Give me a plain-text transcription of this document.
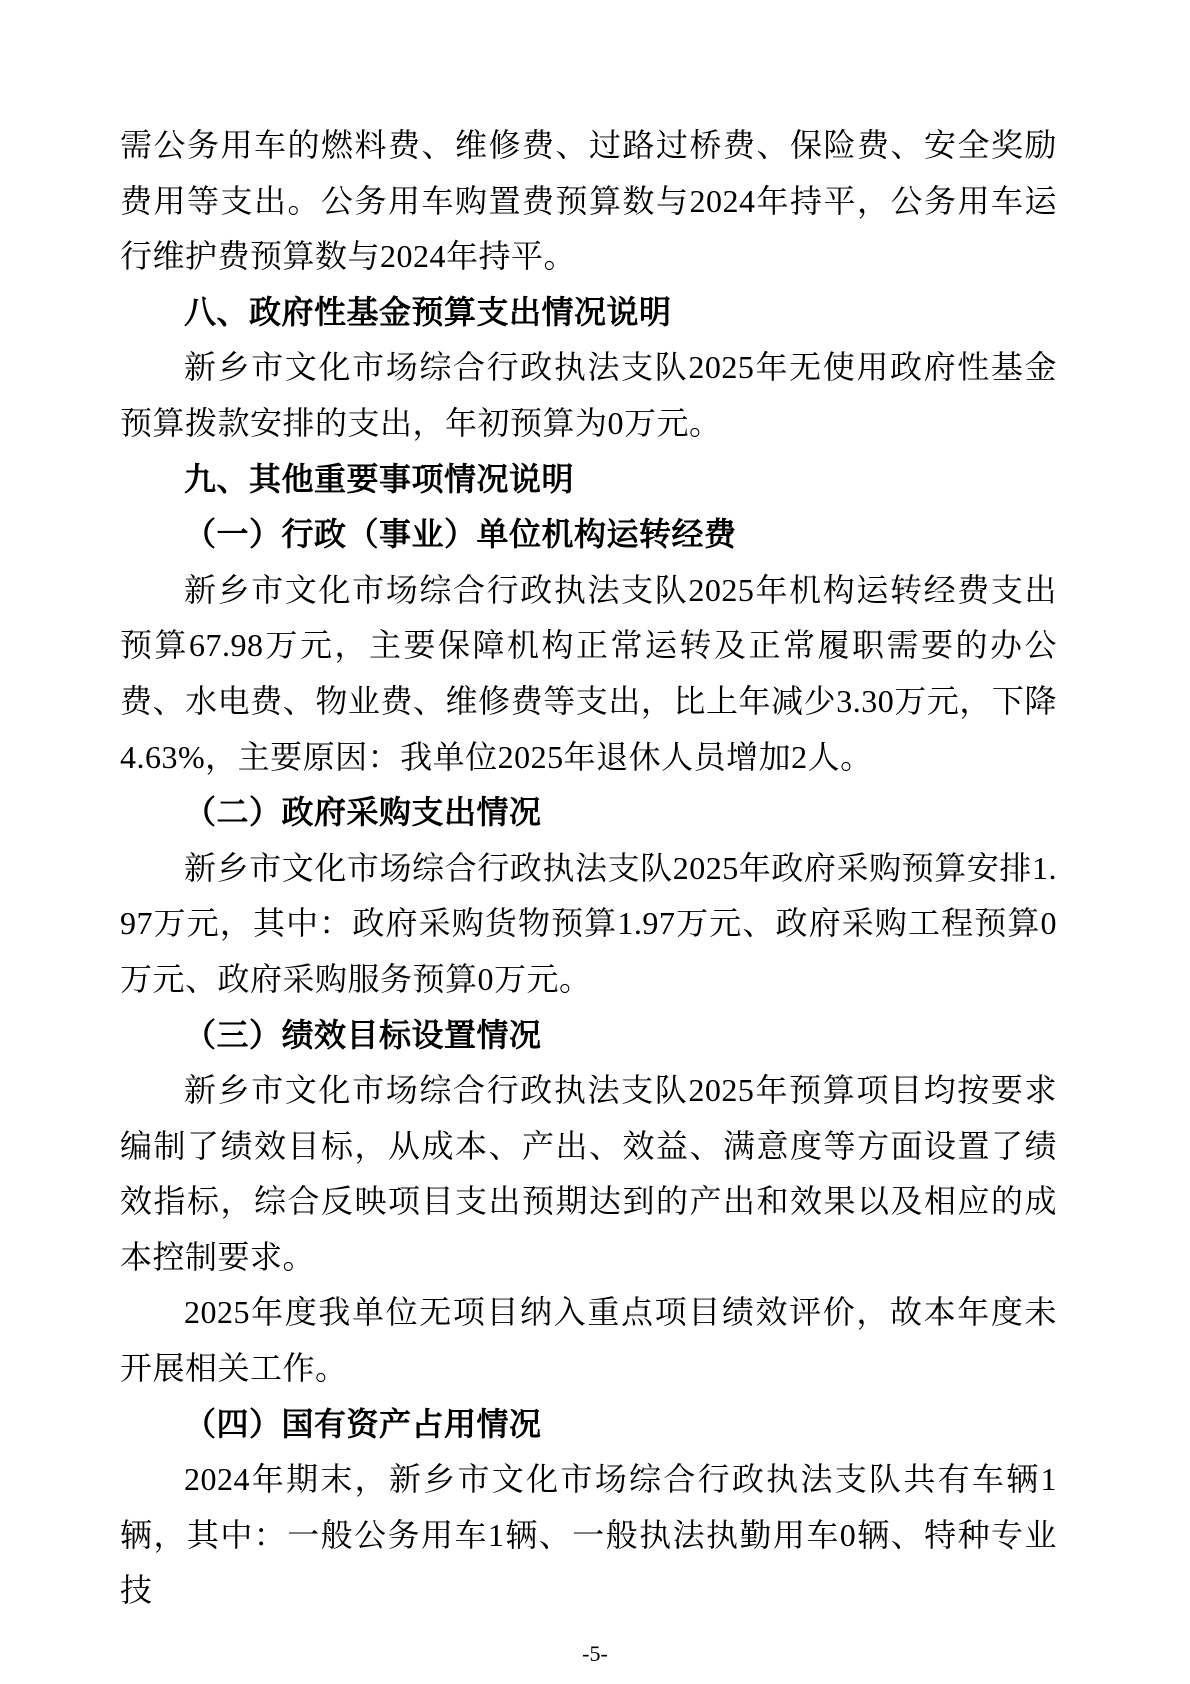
需公务用车的燃料费、维修费、过路过桥费、保险费、安全奖励费用等支出。公务用车购置费预算数与2024年持平，公务用车运行维护费预算数与2024年持平。

八、政府性基金预算支出情况说明

新乡市文化市场综合行政执法支队2025年无使用政府性基金预算拨款安排的支出，年初预算为0万元。

九、其他重要事项情况说明
（一）行政（事业）单位机构运转经费

新乡市文化市场综合行政执法支队2025年机构运转经费支出预算67.98万元，主要保障机构正常运转及正常履职需要的办公费、水电费、物业费、维修费等支出，比上年减少3.30万元，下降4.63%，主要原因：我单位2025年退休人员增加2人。

（二）政府采购支出情况

新乡市文化市场综合行政执法支队2025年政府采购预算安排1.97万元，其中：政府采购货物预算1.97万元、政府采购工程预算0万元、政府采购服务预算0万元。

（三）绩效目标设置情况

新乡市文化市场综合行政执法支队2025年预算项目均按要求编制了绩效目标，从成本、产出、效益、满意度等方面设置了绩效指标，综合反映项目支出预期达到的产出和效果以及相应的成本控制要求。

2025年度我单位无项目纳入重点项目绩效评价，故本年度未开展相关工作。

（四）国有资产占用情况

2024年期末，新乡市文化市场综合行政执法支队共有车辆1辆，其中：一般公务用车1辆、一般执法执勤用车0辆、特种专业技

-5-
